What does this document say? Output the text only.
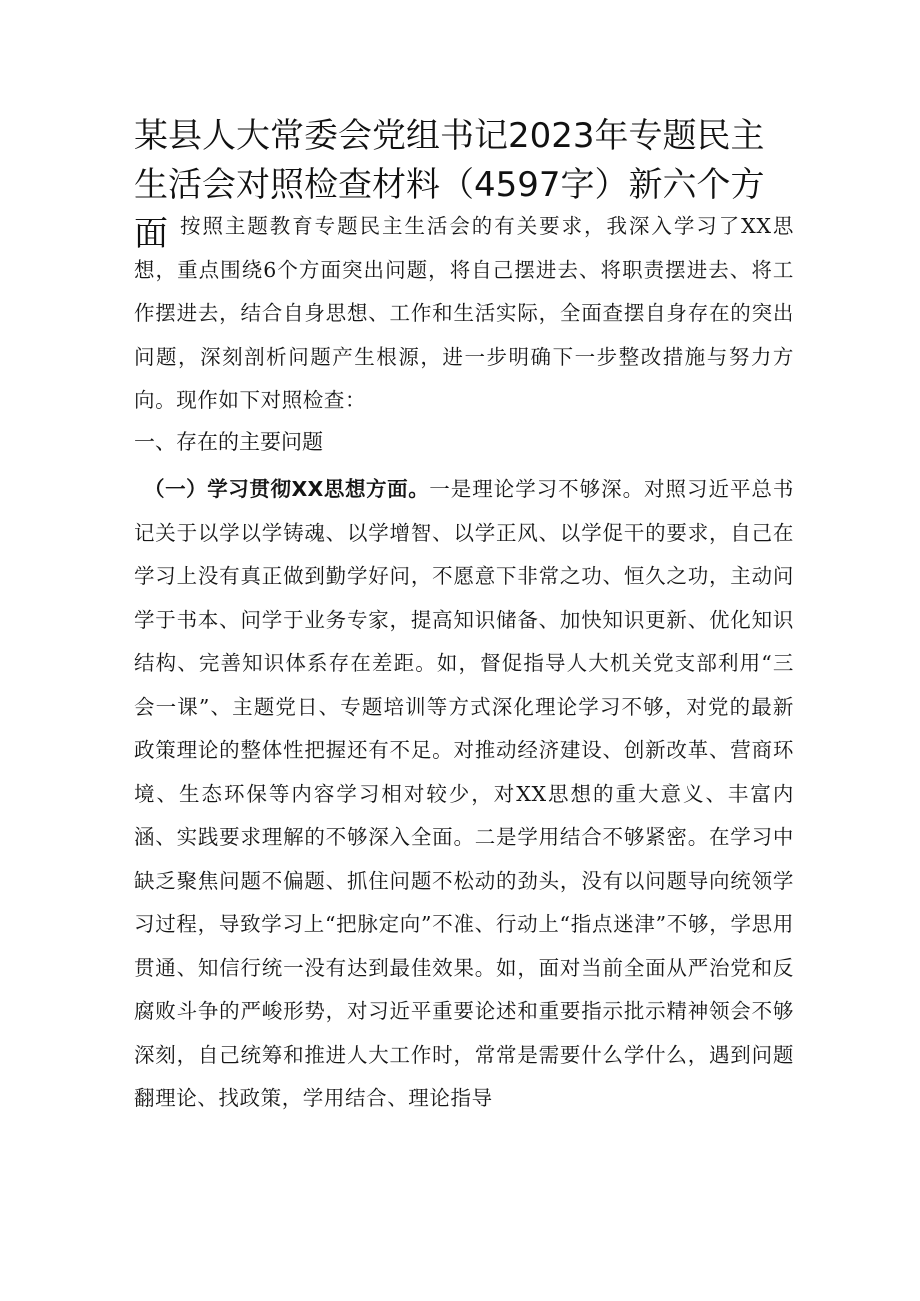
某县人大常委会党组书记2023年专题民主生活会对照检查材料（4597字）新六个方面 按照主题教育专题民主生活会的有关要求，我深入学习了XX思想，重点围绕6个方面突出问题，将自己摆进去、将职责摆进去、将工作摆进去，结合自身思想、工作和生活实际，全面查摆自身存在的突出问题，深刻剖析问题产生根源，进一步明确下一步整改措施与努力方向。现作如下对照检查：

一、存在的主要问题

（一）学习贯彻XX思想方面。一是理论学习不够深。对照习近平总书记关于以学以学铸魂、以学增智、以学正风、以学促干的要求，自己在学习上没有真正做到勤学好问，不愿意下非常之功、恒久之功，主动问学于书本、问学于业务专家，提高知识储备、加快知识更新、优化知识结构、完善知识体系存在差距。如，督促指导人大机关党支部利用“三会一课”、主题党日、专题培训等方式深化理论学习不够，对党的最新政策理论的整体性把握还有不足。对推动经济建设、创新改革、营商环境、生态环保等内容学习相对较少，对XX思想的重大意义、丰富内涵、实践要求理解的不够深入全面。二是学用结合不够紧密。在学习中缺乏聚焦问题不偏题、抓住问题不松动的劲头，没有以问题导向统领学习过程，导致学习上“把脉定向”不准、行动上“指点迷津”不够，学思用贯通、知信行统一没有达到最佳效果。如，面对当前全面从严治党和反腐败斗争的严峻形势，对习近平重要论述和重要指示批示精神领会不够深刻，自己统筹和推进人大工作时，常常是需要什么学什么，遇到问题翻理论、找政策，学用结合、理论指导
